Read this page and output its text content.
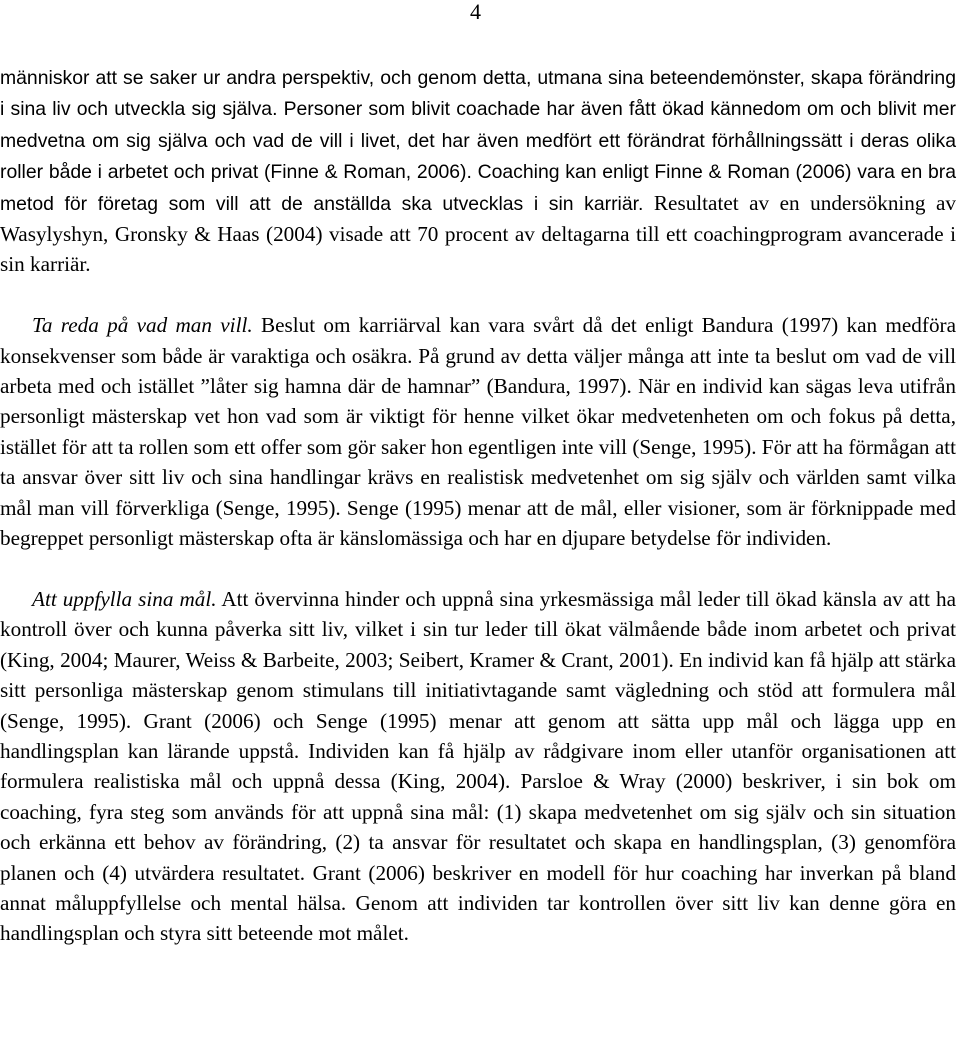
4

människor att se saker ur andra perspektiv, och genom detta, utmana sina beteendemönster, skapa förändring i sina liv och utveckla sig själva. Personer som blivit coachade har även fått ökad kännedom om och blivit mer medvetna om sig själva och vad de vill i livet, det har även medfört ett förändrat förhållningssätt i deras olika roller både i arbetet och privat (Finne & Roman, 2006). Coaching kan enligt Finne & Roman (2006) vara en bra metod för företag som vill att de anställda ska utvecklas i sin karriär. Resultatet av en undersökning av Wasylyshyn, Gronsky & Haas (2004) visade att 70 procent av deltagarna till ett coachingprogram avancerade i sin karriär.

Ta reda på vad man vill. Beslut om karriärval kan vara svårt då det enligt Bandura (1997) kan medföra konsekvenser som både är varaktiga och osäkra. På grund av detta väljer många att inte ta beslut om vad de vill arbeta med och istället ”låter sig hamna där de hamnar” (Bandura, 1997). När en individ kan sägas leva utifrån personligt mästerskap vet hon vad som är viktigt för henne vilket ökar medvetenheten om och fokus på detta, istället för att ta rollen som ett offer som gör saker hon egentligen inte vill (Senge, 1995). För att ha förmågan att ta ansvar över sitt liv och sina handlingar krävs en realistisk medvetenhet om sig själv och världen samt vilka mål man vill förverkliga (Senge, 1995). Senge (1995) menar att de mål, eller visioner, som är förknippade med begreppet personligt mästerskap ofta är känslomässiga och har en djupare betydelse för individen.

Att uppfylla sina mål. Att övervinna hinder och uppnå sina yrkesmässiga mål leder till ökad känsla av att ha kontroll över och kunna påverka sitt liv, vilket i sin tur leder till ökat välmående både inom arbetet och privat (King, 2004; Maurer, Weiss & Barbeite, 2003; Seibert, Kramer & Crant, 2001). En individ kan få hjälp att stärka sitt personliga mästerskap genom stimulans till initiativtagande samt vägledning och stöd att formulera mål (Senge, 1995). Grant (2006) och Senge (1995) menar att genom att sätta upp mål och lägga upp en handlingsplan kan lärande uppstå. Individen kan få hjälp av rådgivare inom eller utanför organisationen att formulera realistiska mål och uppnå dessa (King, 2004). Parsloe & Wray (2000) beskriver, i sin bok om coaching, fyra steg som används för att uppnå sina mål: (1) skapa medvetenhet om sig själv och sin situation och erkänna ett behov av förändring, (2) ta ansvar för resultatet och skapa en handlingsplan, (3) genomföra planen och (4) utvärdera resultatet. Grant (2006) beskriver en modell för hur coaching har inverkan på bland annat måluppfyllelse och mental hälsa. Genom att individen tar kontrollen över sitt liv kan denne göra en handlingsplan och styra sitt beteende mot målet.
